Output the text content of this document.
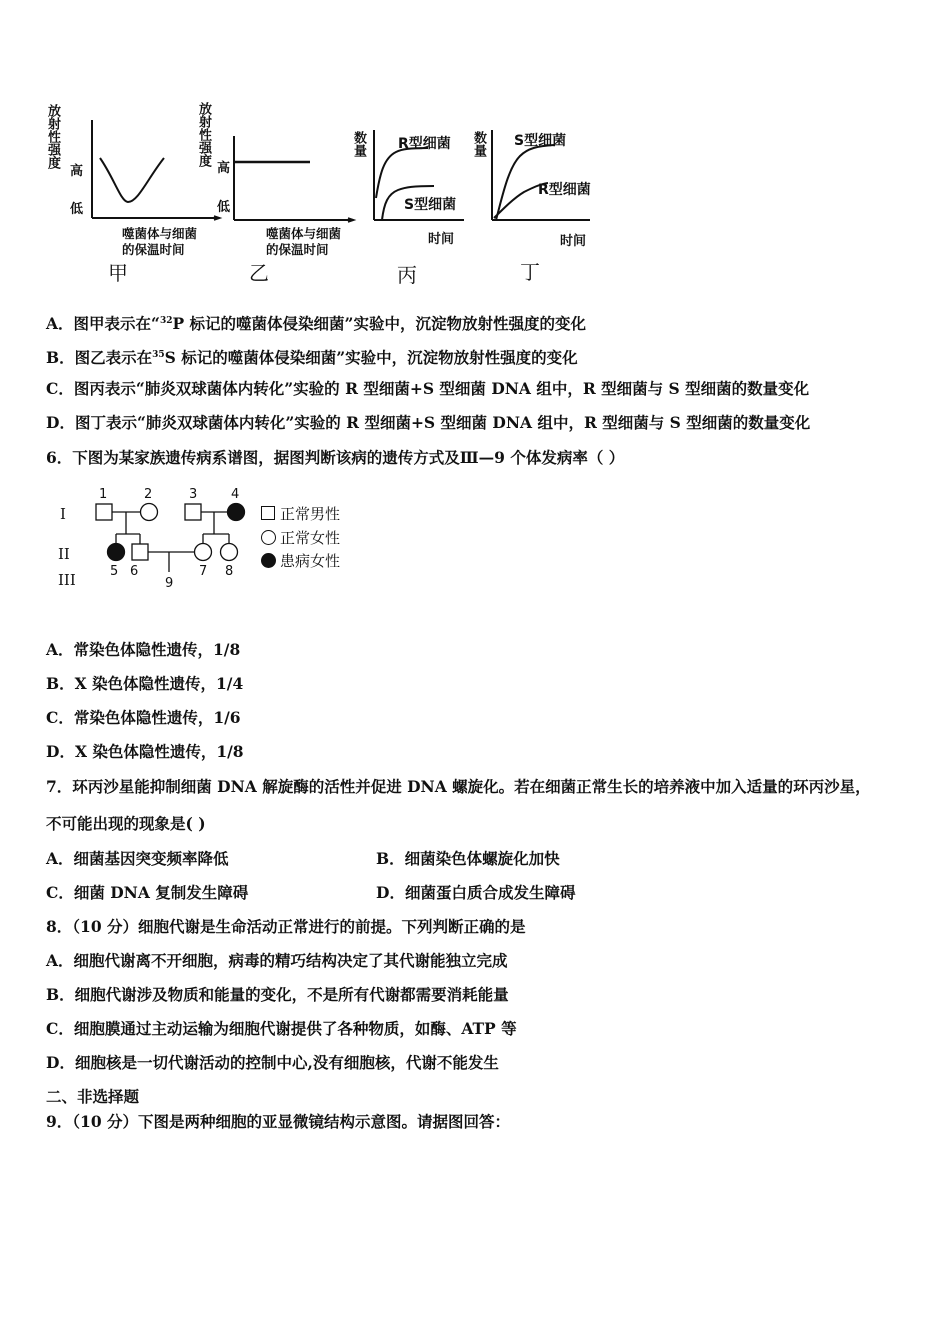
放射性强度
高
低
噬菌体与细菌
的保温时间
甲
放射性强度
高
低
噬菌体与细菌
的保温时间
乙
数量 R型细菌
S型细菌
时间
丙
数量 S型细菌
R型细菌
时间
丁
A．图甲表示在“$^{32}$P 标记的噬菌体侵染细菌”实验中，沉淀物放射性强度的变化
B．图乙表示在$^{35}$S 标记的噬菌体侵染细菌”实验中，沉淀物放射性强度的变化
C．图丙表示“肺炎双球菌体内转化”实验的 R 型细菌+S 型细菌 DNA 组中，R 型细菌与 S 型细菌的数量变化
D．图丁表示“肺炎双球菌体内转化”实验的 R 型细菌+S 型细菌 DNA 组中，R 型细菌与 S 型细菌的数量变化
6．下图为某家族遗传病系谱图，据图判断该病的遗传方式及Ⅲ—9 个体发病率（ ）
I
II
III
1	2	3	4
5 6	7 8
9
正常男性
正常女性
患病女性
A．常染色体隐性遗传，1/8
B．X 染色体隐性遗传，1/4
C．常染色体隐性遗传，1/6
D．X 染色体隐性遗传，1/8
7．环丙沙星能抑制细菌 DNA 解旋酶的活性并促进 DNA 螺旋化。若在细菌正常生长的培养液中加入适量的环丙沙星，
不可能出现的现象是( )
A．细菌基因突变频率降低	B．细菌染色体螺旋化加快
C．细菌 DNA 复制发生障碍	D．细菌蛋白质合成发生障碍
8．（10 分）细胞代谢是生命活动正常进行的前提。下列判断正确的是
A．细胞代谢离不开细胞，病毒的精巧结构决定了其代谢能独立完成
B．细胞代谢涉及物质和能量的变化，不是所有代谢都需要消耗能量
C．细胞膜通过主动运输为细胞代谢提供了各种物质，如酶、ATP 等
D．细胞核是一切代谢活动的控制中心,没有细胞核，代谢不能发生
二、非选择题
9．（10 分）下图是两种细胞的亚显微镜结构示意图。请据图回答：
